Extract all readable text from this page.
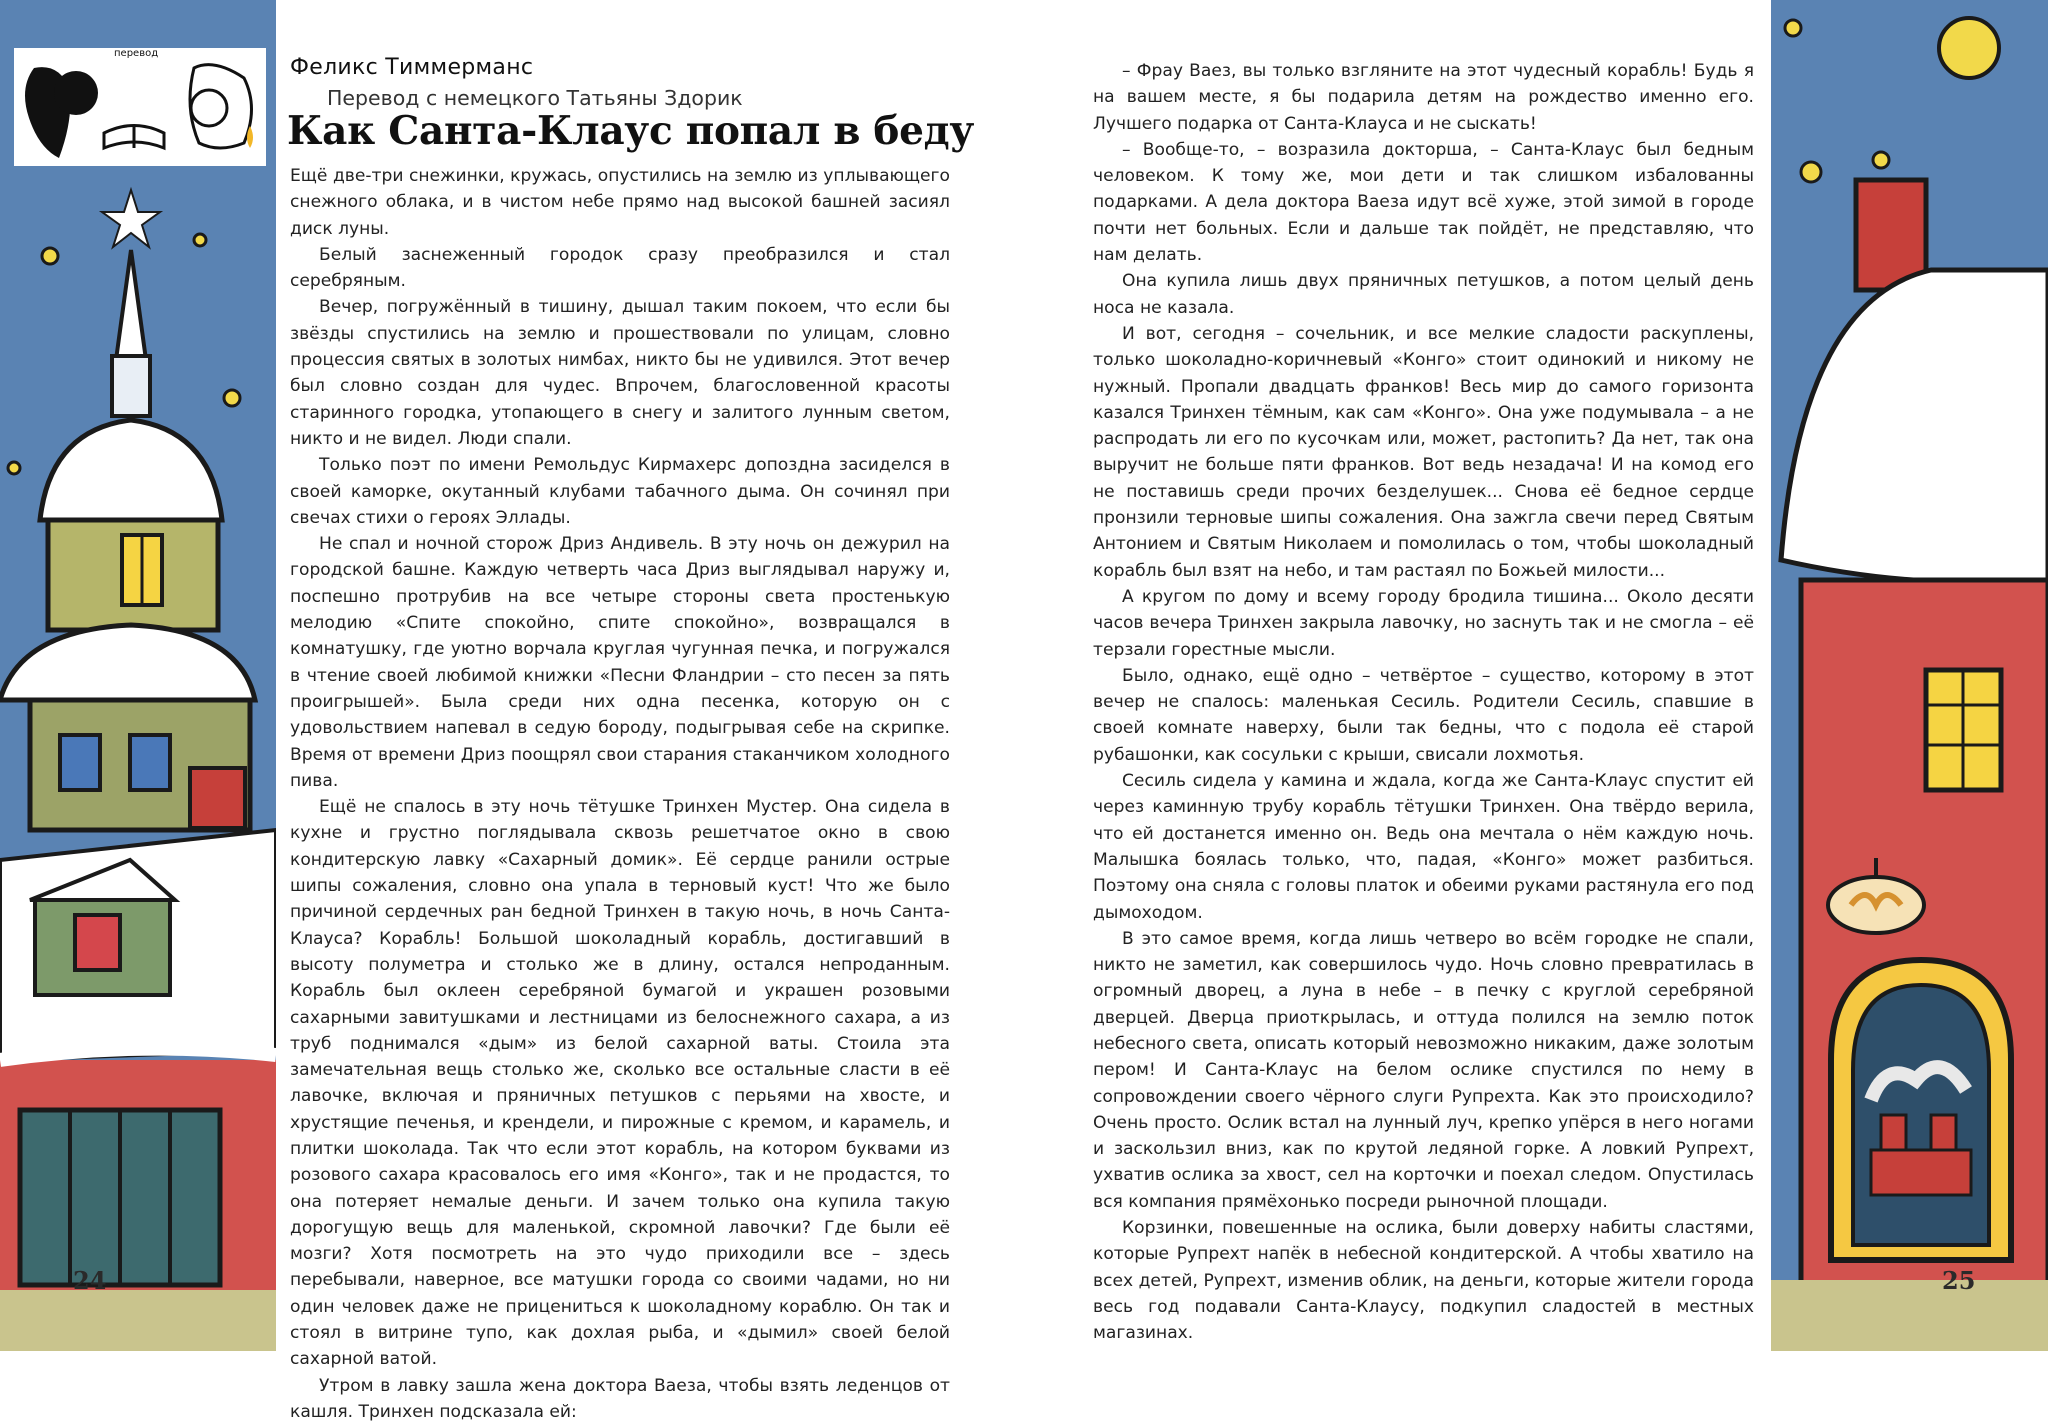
перевод
24	25
Феликс Тиммерманс
Перевод с немецкого Татьяны Здорик
Как Санта-Клаус попал в беду

Ещё две-три снежинки, кружась, опустились на землю из уплывающего снежного облака, и в чистом небе прямо над высокой башней засиял диск луны.

Белый заснеженный городок сразу преобразился и стал серебряным.

Вечер, погружённый в тишину, дышал таким покоем, что если бы звёзды спустились на землю и прошествовали по улицам, словно процессия святых в золотых нимбах, никто бы не удивился. Этот вечер был словно создан для чудес. Впрочем, благословенной красоты старинного городка, утопающего в снегу и залитого лунным светом, никто и не видел. Люди спали.

Только поэт по имени Ремольдус Кирмахерс допоздна засиделся в своей каморке, окутанный клубами табачного дыма. Он сочинял при свечах стихи о героях Эллады.

Не спал и ночной сторож Дриз Андивель. В эту ночь он дежурил на городской башне. Каждую четверть часа Дриз выглядывал наружу и, поспешно протрубив на все четыре стороны света простенькую мелодию «Спите спокойно, спите спокойно», возвращался в комнатушку, где уютно ворчала круглая чугунная печка, и погружался в чтение своей любимой книжки «Песни Фландрии – сто песен за пять проигрышей». Была среди них одна песенка, которую он с удовольствием напевал в седую бороду, подыгрывая себе на скрипке. Время от времени Дриз поощрял свои старания стаканчиком холодного пива.

Ещё не спалось в эту ночь тётушке Тринхен Мустер. Она сидела в кухне и грустно поглядывала сквозь решетчатое окно в свою кондитерскую лавку «Сахарный домик». Её сердце ранили острые шипы сожаления, словно она упала в терновый куст! Что же было причиной сердечных ран бедной Тринхен в такую ночь, в ночь Санта-Клауса? Корабль! Большой шоколадный корабль, достигавший в высоту полуметра и столько же в длину, остался непроданным. Корабль был оклеен серебряной бумагой и украшен розовыми сахарными завитушками и лестницами из белоснежного сахара, а из труб поднимался «дым» из белой сахарной ваты. Стоила эта замечательная вещь столько же, сколько все остальные сласти в её лавочке, включая и пряничных петушков с перьями на хвосте, и хрустящие печенья, и крендели, и пирожные с кремом, и карамель, и плитки шоколада. Так что если этот корабль, на котором буквами из розового сахара красовалось его имя «Конго», так и не продастся, то она потеряет немалые деньги. И зачем только она купила такую дорогущую вещь для маленькой, скромной лавочки? Где были её мозги? Хотя посмотреть на это чудо приходили все – здесь перебывали, наверное, все матушки города со своими чадами, но ни один человек даже не прицениться к шоколадному кораблю. Он так и стоял в витрине тупо, как дохлая рыба, и «дымил» своей белой сахарной ватой.

Утром в лавку зашла жена доктора Ваеза, чтобы взять леденцов от кашля. Тринхен подсказала ей:

– Фрау Ваез, вы только взгляните на этот чудесный корабль! Будь я на вашем месте, я бы подарила детям на рождество именно его. Лучшего подарка от Санта-Клауса и не сыскать!

– Вообще-то, – возразила докторша, – Санта-Клаус был бедным человеком. К тому же, мои дети и так слишком избалованны подарками. А дела доктора Ваеза идут всё хуже, этой зимой в городе почти нет больных. Если и дальше так пойдёт, не представляю, что нам делать.

Она купила лишь двух пряничных петушков, а потом целый день носа не казала.

И вот, сегодня – сочельник, и все мелкие сладости раскуплены, только шоколадно-коричневый «Конго» стоит одинокий и никому не нужный. Пропали двадцать франков! Весь мир до самого горизонта казался Тринхен тёмным, как сам «Конго». Она уже подумывала – а не распродать ли его по кусочкам или, может, растопить? Да нет, так она выручит не больше пяти франков. Вот ведь незадача! И на комод его не поставишь среди прочих безделушек... Снова её бедное сердце пронзили терновые шипы сожаления. Она зажгла свечи перед Святым Антонием и Святым Николаем и помолилась о том, чтобы шоколадный корабль был взят на небо, и там растаял по Божьей милости...

А кругом по дому и всему городу бродила тишина... Около десяти часов вечера Тринхен закрыла лавочку, но заснуть так и не смогла – её терзали горестные мысли.

Было, однако, ещё одно – четвёртое – существо, которому в этот вечер не спалось: маленькая Сесиль. Родители Сесиль, спавшие в своей комнате наверху, были так бедны, что с подола её старой рубашонки, как сосульки с крыши, свисали лохмотья.

Сесиль сидела у камина и ждала, когда же Санта-Клаус спустит ей через каминную трубу корабль тётушки Тринхен. Она твёрдо верила, что ей достанется именно он. Ведь она мечтала о нём каждую ночь. Малышка боялась только, что, падая, «Конго» может разбиться. Поэтому она сняла с головы платок и обеими руками растянула его под дымоходом.

В это самое время, когда лишь четверо во всём городке не спали, никто не заметил, как совершилось чудо. Ночь словно превратилась в огромный дворец, а луна в небе – в печку с круглой серебряной дверцей. Дверца приоткрылась, и оттуда полился на землю поток небесного света, описать который невозможно никаким, даже золотым пером! И Санта-Клаус на белом ослике спустился по нему в сопровождении своего чёрного слуги Рупрехта. Как это происходило? Очень просто. Ослик встал на лунный луч, крепко упёрся в него ногами и заскользил вниз, как по крутой ледяной горке. А ловкий Рупрехт, ухватив ослика за хвост, сел на корточки и поехал следом. Опустилась вся компания прямёхонько посреди рыночной площади.

Корзинки, повешенные на ослика, были доверху набиты сластями, которые Рупрехт напёк в небесной кондитерской. А чтобы хватило на всех детей, Рупрехт, изменив облик, на деньги, которые жители города весь год подавали Санта-Клаусу, подкупил сладостей в местных магазинах.
